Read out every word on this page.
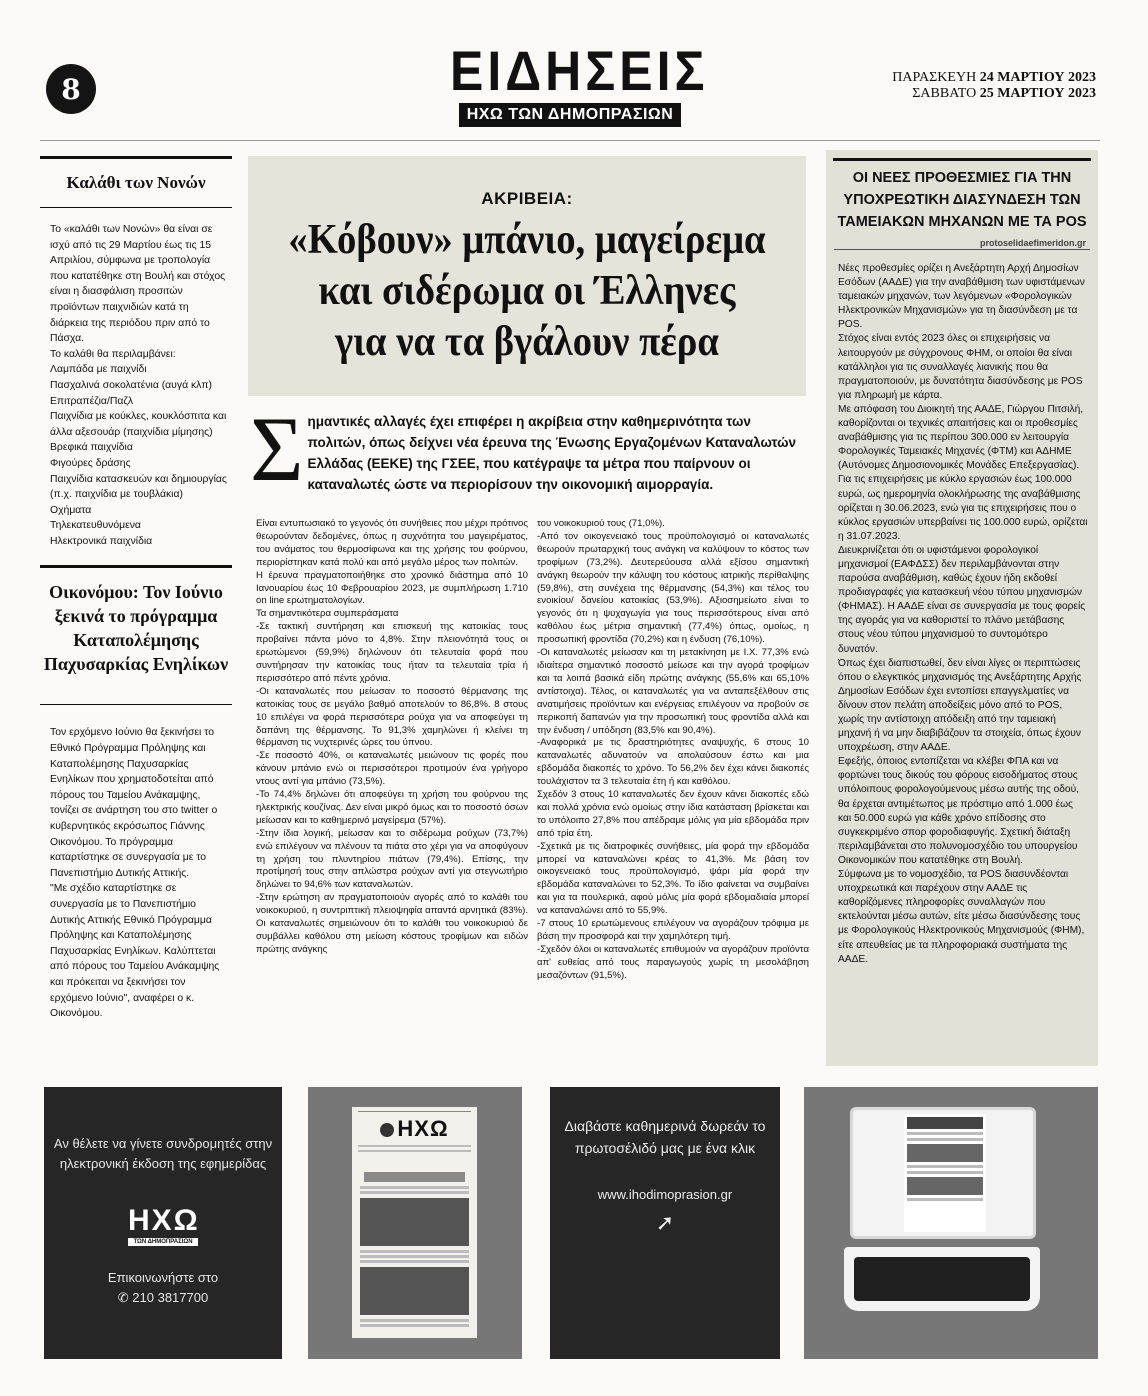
8	ΕΙΔΗΣΕΙΣ
ΗΧΩ ΤΩΝ ΔΗΜΟΠΡΑΣΙΩΝ
ΠΑΡΑΣΚΕΥΗ 24 ΜΑΡΤΙΟΥ 2023
ΣΑΒΒΑΤΟ 25 ΜΑΡΤΙΟΥ 2023
Καλάθι των Νονών

Το «καλάθι των Νονών» θα είναι σε ισχύ από τις 29 Μαρτίου έως τις 15 Απριλίου, σύμφωνα με τροπολογία που κατατέθηκε στη Βουλή και στόχος είναι η διασφάλιση προσιτών προϊόντων παιχνιδιών κατά τη διάρκεια της περιόδου πριν από το Πάσχα.

Το καλάθι θα περιλαμβάνει:

Λαμπάδα με παιχνίδι

Πασχαλινά σοκολατένια (αυγά κλπ)

Επιτραπέζια/Παζλ

Παιχνίδια με κούκλες, κουκλόσπιτα και άλλα αξεσουάρ (παιχνίδια μίμησης)

Βρεφικά παιχνίδια

Φιγούρες δράσης

Παιχνίδια κατασκευών και δημιουργίας (π.χ. παιχνίδια με τουβλάκια)

Οχήματα

Τηλεκατευθυνόμενα

Ηλεκτρονικά παιχνίδια

Οικονόμου: Τον Ιούνιο ξεκινά το πρόγραμμα Καταπολέμησης Παχυσαρκίας Ενηλίκων

Τον ερχόμενο Ιούνιο θα ξεκινήσει το Εθνικό Πρόγραμμα Πρόληψης και Καταπολέμησης Παχυσαρκίας Ενηλίκων που χρηματοδοτείται από πόρους του Ταμείου Ανάκαμψης, τονίζει σε ανάρτηση του στο twitter ο κυβερνητικός εκρόσωπος Γιάννης Οικονόμου. Το πρόγραμμα καταρτίστηκε σε συνεργασία με το Πανεπιστήμιο Δυτικής Αττικής.

"Με σχέδιο καταρτίστηκε σε συνεργασία με το Πανεπιστήμιο Δυτικής Αττικής Εθνικό Πρόγραμμα Πρόληψης και Καταπολέμησης Παχυσαρκίας Ενηλίκων. Καλύπτεται από πόρους του Ταμείου Ανάκαμψης και πρόκειται να ξεκινήσει τον ερχόμενο Ιούνιο", αναφέρει ο κ. Οικονόμου.

ΑΚΡΙΒΕΙΑ:
«Κόβουν» μπάνιο, μαγείρεμα
και σιδέρωμα οι Έλληνες
για να τα βγάλουν πέρα
Σ ημαντικές αλλαγές έχει επιφέρει η ακρίβεια στην καθημερινότητα των πολιτών, όπως δείχνει νέα έρευνα της Ένωσης Εργαζομένων Καταναλωτών Ελλάδας (ΕΕΚΕ) της ΓΣΕΕ, που κατέγραψε τα μέτρα που παίρνουν οι καταναλωτές ώστε να περιορίσουν την οικονομική αιμορραγία.

Είναι εντυπωσιακό το γεγονός ότι συνήθειες που μέχρι πρότινος θεωρούνταν δεδομένες, όπως η συχνότητα του μαγειρέματος, του ανάματος του θερμοσίφωνα και της χρήσης του φούρνου, περιορίστηκαν κατά πολύ και από μεγάλο μέρος των πολιτών.

Η έρευνα πραγματοποιήθηκε στο χρονικό διάστημα από 10 Ιανουαρίου έως 10 Φεβρουαρίου 2023, με συμπλήρωση 1.710 on line ερωτηματολογίων.

Τα σημαντικότερα συμπεράσματα

-Σε τακτική συντήρηση και επισκευή της κατοικίας τους προβαίνει πάντα μόνο το 4,8%. Στην πλειονότητά τους οι ερωτώμενοι (59,9%) δηλώνουν ότι τελευταία φορά που συντήρησαν την κατοικίας τους ήταν τα τελευταία τρία ή περισσότερο από πέντε χρόνια.

-Οι καταναλωτές που μείωσαν το ποσοστό θέρμανσης της κατοικίας τους σε μεγάλο βαθμό αποτελούν το 86,8%. 8 στους 10 επιλέγει να φορά περισσότερα ρούχα για να αποφεύγει τη δαπάνη της θέρμανσης. Το 91,3% χαμηλώνει ή κλείνει τη θέρμανση τις νυχτερινές ώρες του ύπνου.

-Σε ποσοστό 40%, οι καταναλωτές μειώνουν τις φορές που κάνουν μπάνιο ενώ οι περισσότεροι προτιμούν ένα γρήγορο ντους αντί για μπάνιο (73,5%).

-Το 74,4% δηλώνει ότι αποφεύγει τη χρήση του φούρνου της ηλεκτρικής κουζίνας. Δεν είναι μικρό όμως και το ποσοστό όσων μείωσαν και το καθημερινό μαγείρεμα (57%).

-Στην ίδια λογική, μείωσαν και το σιδέρωμα ρούχων (73,7%) ενώ επιλέγουν να πλένουν τα πιάτα στο χέρι για να αποφύγουν τη χρήση του πλυντηρίου πιάτων (79,4%). Επίσης, την προτίμησή τους στην απλώστρα ρούχων αντί για στεγνωτήριο δηλώνει το 94,6% των καταναλωτών.

-Στην ερώτηση αν πραγματοποιούν αγορές από το καλάθι του νοικοκυριού, η συντριπτική πλειοψηφία απαντά αρνητικά (83%). Οι καταναλωτές σημειώνουν ότι το καλάθι του νοικοκυριού δε συμβάλλει καθόλου στη μείωση κόστους τροφίμων και ειδών πρώτης ανάγκης

του νοικοκυριού τους (71,0%).

-Από τον οικογενειακό τους προϋπολογισμό οι καταναλωτές θεωρούν πρωταρχική τους ανάγκη να καλύψουν το κόστος των τροφίμων (73,2%). Δευτερεύουσα αλλά εξίσου σημαντική ανάγκη θεωρούν την κάλυψη του κόστους ιατρικής περίθαλψης (59,8%), στη συνέχεια της θέρμανσης (54,3%) και τέλος του ενοικίου/ δανείου κατοικίας (53,9%). Αξιοσημείωτο είναι το γεγονός ότι η ψυχαγωγία για τους περισσότερους είναι από καθόλου έως μέτρια σημαντική (77,4%) όπως, ομοίως, η προσωπική φροντίδα (70,2%) και η ένδυση (76,10%).

-Οι καταναλωτές μείωσαν και τη μετακίνηση με Ι.Χ. 77,3% ενώ ιδιαίτερα σημαντικό ποσοστό μείωσε και την αγορά τροφίμων και τα λοιπά βασικά είδη πρώτης ανάγκης (55,6% και 65,10% αντίστοιχα). Τέλος, οι καταναλωτές για να ανταπεξέλθουν στις ανατιμήσεις προϊόντων και ενέργειας επιλέγουν να προβούν σε περικοπή δαπανών για την προσωπική τους φροντίδα αλλά και την ένδυση / υπόδηση (83,5% και 90,4%).

-Αναφορικά με τις δραστηριότητες αναψυχής, 6 στους 10 καταναλωτές αδυνατούν να απολαύσουν έστω και μια εβδομάδα διακοπές το χρόνο. Το 56,2% δεν έχει κάνει διακοπές τουλάχιστον τα 3 τελευταία έτη ή και καθόλου.

Σχεδόν 3 στους 10 καταναλωτές δεν έχουν κάνει διακοπές εδώ και πολλά χρόνια ενώ ομοίως στην ίδια κατάσταση βρίσκεται και το υπόλοιπο 27,8% που απέδραμε μόλις για μία εβδομάδα πριν από τρία έτη.

-Σχετικά με τις διατροφικές συνήθειες, μία φορά την εβδομάδα μπορεί να καταναλώνει κρέας το 41,3%. Με βάση τον οικογενειακό τους προϋπολογισμό, ψάρι μία φορά την εβδομάδα καταναλώνει το 52,3%. Το ίδιο φαίνεται να συμβαίνει και για τα πουλερικά, αφού μόλις μία φορά εβδομαδιαία μπορεί να καταναλώνει από το 55,9%.

-7 στους 10 ερωτώμενους επιλέγουν να αγοράζουν τρόφιμα με βάση την προσφορά και την χαμηλότερη τιμή.

-Σχεδόν όλοι οι καταναλωτές επιθυμούν να αγοράζουν προϊόντα απ' ευθείας από τους παραγωγούς χωρίς τη μεσολάβηση μεσαζόντων (91,5%).

ΟΙ ΝΕΕΣ ΠΡΟΘΕΣΜΙΕΣ ΓΙΑ ΤΗΝ ΥΠΟΧΡΕΩΤΙΚΗ ΔΙΑΣΥΝΔΕΣΗ ΤΩΝ ΤΑΜΕΙΑΚΩΝ ΜΗΧΑΝΩΝ ΜΕ ΤΑ POS
protoselidaefimeridon.gr

Νέες προθεσμίες ορίζει η Ανεξάρτητη Αρχή Δημοσίων Εσόδων (ΑΑΔΕ) για την αναβάθμιση των υφιστάμενων ταμειακών μηχανών, των λεγόμενων «Φορολογικών Ηλεκτρονικών Μηχανισμών» για τη διασύνδεση με τα POS.

Στόχος είναι εντός 2023 όλες οι επιχειρήσεις να λειτουργούν με σύγχρονους ΦΗΜ, οι οποίοι θα είναι κατάλληλοι για τις συναλλαγές λιανικής που θα πραγματοποιούν, με δυνατότητα διασύνδεσης με POS για πληρωμή με κάρτα.

Με απόφαση του Διοικητή της ΑΑΔΕ, Γιώργου Πιτσιλή, καθορίζονται οι τεχνικές απαιτήσεις και οι προθεσμίες αναβάθμισης για τις περίπου 300.000 εν λειτουργία Φορολογικές Ταμειακές Μηχανές (ΦΤΜ) και ΑΔΗΜΕ (Αυτόνομες Δημοσιονομικές Μονάδες Επεξεργασίας).

Για τις επιχειρήσεις με κύκλο εργασιών έως 100.000 ευρώ, ως ημερομηνία ολοκλήρωσης της αναβάθμισης ορίζεται η 30.06.2023, ενώ για τις επιχειρήσεις που ο κύκλος εργασιών υπερβαίνει τις 100.000 ευρώ, ορίζεται η 31.07.2023.

Διευκρινίζεται ότι οι υφιστάμενοι φορολογικοί μηχανισμοί (ΕΑΦΔΣΣ) δεν περιλαμβάνονται στην παρούσα αναβάθμιση, καθώς έχουν ήδη εκδοθεί προδιαγραφές για κατασκευή νέου τύπου μηχανισμών (ΦΗΜΑΣ). Η ΑΑΔΕ είναι σε συνεργασία με τους φορείς της αγοράς για να καθοριστεί το πλάνο μετάβασης στους νέου τύπου μηχανισμού το συντομότερο δυνατόν.

Όπως έχει διαπιστωθεί, δεν είναι λίγες οι περιπτώσεις όπου ο ελεγκτικός μηχανισμός της Ανεξάρτητης Αρχής Δημοσίων Εσόδων έχει εντοπίσει επαγγελματίες να δίνουν στον πελάτη αποδείξεις μόνο από το POS, χωρίς την αντίστοιχη απόδειξη από την ταμειακή μηχανή ή να μην διαβιβάζουν τα στοιχεία, όπως έχουν υποχρέωση, στην ΑΑΔΕ.

Εφεξής, όποιος εντοπίζεται να κλέβει ΦΠΑ και να φορτώνει τους δικούς του φόρους εισοδήματος στους υπόλοιπους φορολογούμενους μέσω αυτής της οδού, θα έρχεται αντιμέτωπος με πρόστιμο από 1.000 έως και 50.000 ευρώ για κάθε χρόνο επίδοσης στο συγκεκριμένο σπορ φοροδιαφυγής. Σχετική διάταξη περιλαμβάνεται στο πολυνομοσχέδιο του υπουργείου Οικονομικών που κατατέθηκε στη Βουλή.

Σύμφωνα με το νομοσχέδιο, τα POS διασυνδέονται υποχρεωτικά και παρέχουν στην ΑΑΔΕ τις καθορίζόμενες πληροφορίες συναλλαγών που εκτελούνται μέσω αυτών, είτε μέσω διασύνδεσης τους με Φορολογικούς Ηλεκτρονικούς Μηχανισμούς (ΦΗΜ), είτε απευθείας με τα πληροφοριακά συστήματα της ΑΑΔΕ.

Αν θέλετε να γίνετε συνδρομητές στην ηλεκτρονική έκδοση της εφημερίδας
ΗΧΩ
ΤΩΝ ΔΗΜΟΠΡΑΣΙΩΝ
Επικοινωνήστε στο
✆ 210 3817700
ΗΧΩ	Διαβάστε καθημερινά δωρεάν το πρωτοσέλιδό μας με ένα κλικ
www.ihodimoprasion.gr
➚
